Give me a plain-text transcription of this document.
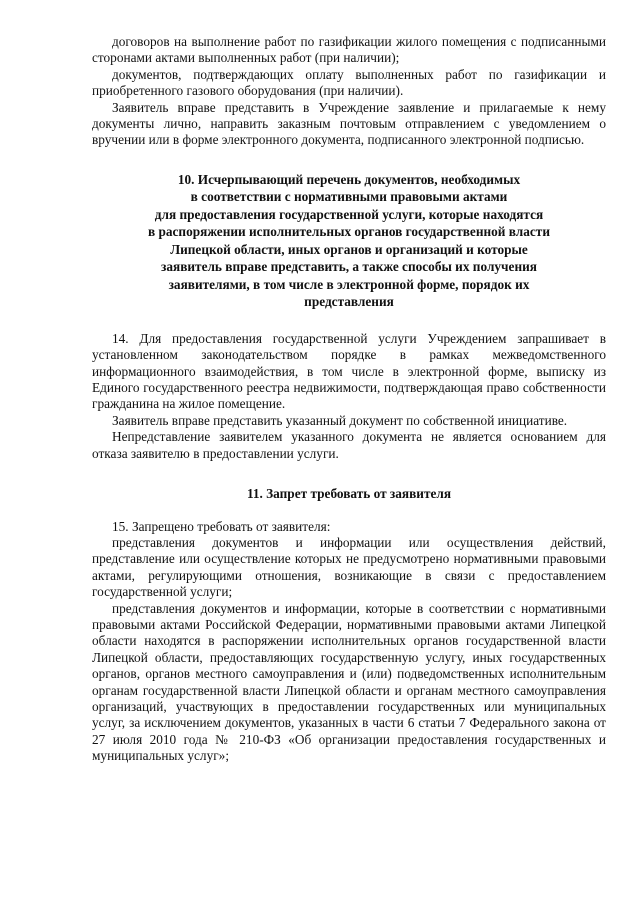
договоров на выполнение работ по газификации жилого помещения с подписанными сторонами актами выполненных работ (при наличии);

документов, подтверждающих оплату выполненных работ по газификации и приобретенного газового оборудования (при наличии).

Заявитель вправе представить в Учреждение заявление и прилагаемые к нему документы лично, направить заказным почтовым отправлением с уведомлением о вручении или в форме электронного документа, подписанного электронной подписью.

10. Исчерпывающий перечень документов, необходимых
в соответствии с нормативными правовыми актами
для предоставления государственной услуги, которые находятся
в распоряжении исполнительных органов государственной власти
Липецкой области, иных органов и организаций и которые
заявитель вправе представить, а также способы их получения
заявителями, в том числе в электронной форме, порядок их
представления

14. Для предоставления государственной услуги Учреждением запрашивает в установленном законодательством порядке в рамках межведомственного информационного взаимодействия, в том числе в электронной форме, выписку из Единого государственного реестра недвижимости, подтверждающая право собственности гражданина на жилое помещение.

Заявитель вправе представить указанный документ по собственной инициативе.

Непредставление заявителем указанного документа не является основанием для отказа заявителю в предоставлении услуги.

11. Запрет требовать от заявителя

15. Запрещено требовать от заявителя:

представления документов и информации или осуществления действий, представление или осуществление которых не предусмотрено нормативными правовыми актами, регулирующими отношения, возникающие в связи с предоставлением государственной услуги;

представления документов и информации, которые в соответствии с нормативными правовыми актами Российской Федерации, нормативными правовыми актами Липецкой области находятся в распоряжении исполнительных органов государственной власти Липецкой области, предоставляющих государственную услугу, иных государственных органов, органов местного самоуправления и (или) подведомственных исполнительным органам государственной власти Липецкой области и органам местного самоуправления организаций, участвующих в предоставлении государственных или муниципальных услуг, за исключением документов, указанных в части 6 статьи 7 Федерального закона от 27 июля 2010 года № 210-ФЗ «Об организации предоставления государственных и муниципальных услуг»;
